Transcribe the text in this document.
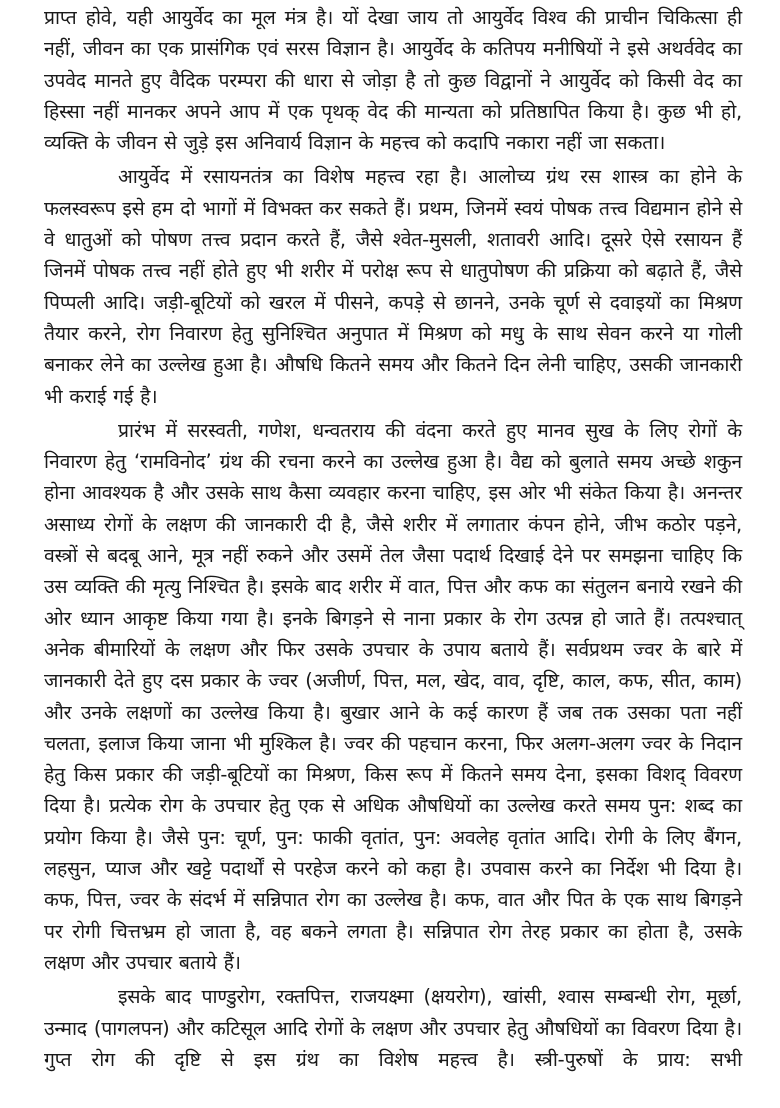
प्राप्त होवे, यही आयुर्वेद का मूल मंत्र है। यों देखा जाय तो आयुर्वेद विश्व की प्राचीन चिकित्सा ही नहीं, जीवन का एक प्रासंगिक एवं सरस विज्ञान है। आयुर्वेद के कतिपय मनीषियों ने इसे अथर्ववेद का उपवेद मानते हुए वैदिक परम्परा की धारा से जोड़ा है तो कुछ विद्वानों ने आयुर्वेद को किसी वेद का हिस्सा नहीं मानकर अपने आप में एक पृथक् वेद की मान्यता को प्रतिष्ठापित किया है। कुछ भी हो, व्यक्ति के जीवन से जुड़े इस अनिवार्य विज्ञान के महत्त्व को कदापि नकारा नहीं जा सकता।

आयुर्वेद में रसायनतंत्र का विशेष महत्त्व रहा है। आलोच्य ग्रंथ रस शास्त्र का होने के फलस्वरूप इसे हम दो भागों में विभक्त कर सकते हैं। प्रथम, जिनमें स्वयं पोषक तत्त्व विद्यमान होने से वे धातुओं को पोषण तत्त्व प्रदान करते हैं, जैसे श्वेत-मुसली, शतावरी आदि। दूसरे ऐसे रसायन हैं जिनमें पोषक तत्त्व नहीं होते हुए भी शरीर में परोक्ष रूप से धातुपोषण की प्रक्रिया को बढ़ाते हैं, जैसे पिप्पली आदि। जड़ी-बूटियों को खरल में पीसने, कपड़े से छानने, उनके चूर्ण से दवाइयों का मिश्रण तैयार करने, रोग निवारण हेतु सुनिश्चित अनुपात में मिश्रण को मधु के साथ सेवन करने या गोली बनाकर लेने का उल्लेख हुआ है। औषधि कितने समय और कितने दिन लेनी चाहिए, उसकी जानकारी भी कराई गई है।

प्रारंभ में सरस्वती, गणेश, धन्वतराय की वंदना करते हुए मानव सुख के लिए रोगों के निवारण हेतु ‘रामविनोद’ ग्रंथ की रचना करने का उल्लेख हुआ है। वैद्य को बुलाते समय अच्छे शकुन होना आवश्यक है और उसके साथ कैसा व्यवहार करना चाहिए, इस ओर भी संकेत किया है। अनन्तर असाध्य रोगों के लक्षण की जानकारी दी है, जैसे शरीर में लगातार कंपन होने, जीभ कठोर पड़ने, वस्त्रों से बदबू आने, मूत्र नहीं रुकने और उसमें तेल जैसा पदार्थ दिखाई देने पर समझना चाहिए कि उस व्यक्ति की मृत्यु निश्चित है। इसके बाद शरीर में वात, पित्त और कफ का संतुलन बनाये रखने की ओर ध्यान आकृष्ट किया गया है। इनके बिगड़ने से नाना प्रकार के रोग उत्पन्न हो जाते हैं। तत्पश्चात् अनेक बीमारियों के लक्षण और फिर उसके उपचार के उपाय बताये हैं। सर्वप्रथम ज्वर के बारे में जानकारी देते हुए दस प्रकार के ज्वर (अजीर्ण, पित्त, मल, खेद, वाव, दृष्टि, काल, कफ, सीत, काम) और उनके लक्षणों का उल्लेख किया है। बुखार आने के कई कारण हैं जब तक उसका पता नहीं चलता, इलाज किया जाना भी मुश्किल है। ज्वर की पहचान करना, फिर अलग-अलग ज्वर के निदान हेतु किस प्रकार की जड़ी-बूटियों का मिश्रण, किस रूप में कितने समय देना, इसका विशद् विवरण दिया है। प्रत्येक रोग के उपचार हेतु एक से अधिक औषधियों का उल्लेख करते समय पुन: शब्द का प्रयोग किया है। जैसे पुन: चूर्ण, पुन: फाकी वृतांत, पुन: अवलेह वृतांत आदि। रोगी के लिए बैंगन, लहसुन, प्याज और खट्टे पदार्थों से परहेज करने को कहा है। उपवास करने का निर्देश भी दिया है। कफ, पित्त, ज्वर के संदर्भ में सन्निपात रोग का उल्लेख है। कफ, वात और पित के एक साथ बिगड़ने पर रोगी चित्तभ्रम हो जाता है, वह बकने लगता है। सन्निपात रोग तेरह प्रकार का होता है, उसके लक्षण और उपचार बताये हैं।

इसके बाद पाण्डुरोग, रक्तपित्त, राजयक्ष्मा (क्षयरोग), खांसी, श्वास सम्बन्धी रोग, मूर्छा, उन्माद (पागलपन) और कटिसूल आदि रोगों के लक्षण और उपचार हेतु औषधियों का विवरण दिया है। गुप्त रोग की दृष्टि से इस ग्रंथ का विशेष महत्त्व है। स्त्री-पुरुषों के प्राय: सभी
